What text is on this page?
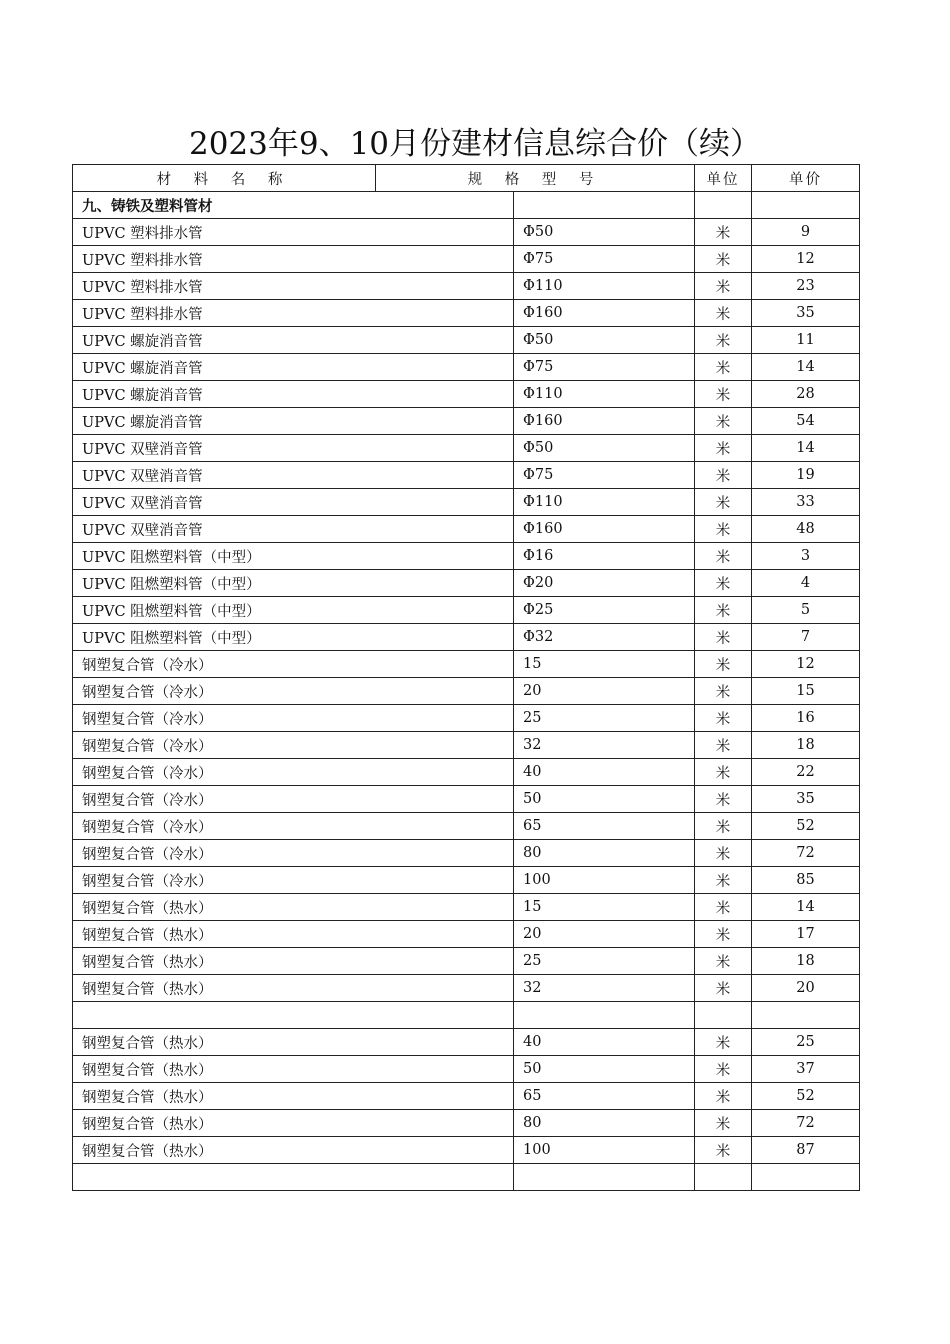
2023年9、10月份建材信息综合价（续）
材 料 名 称	规 格 型 号		单位	单价
九、铸铁及塑料管材				
UPVC 塑料排水管		Φ50	米	9
UPVC 塑料排水管		Φ75	米	12
UPVC 塑料排水管		Φ110	米	23
UPVC 塑料排水管		Φ160	米	35
UPVC 螺旋消音管		Φ50	米	11
UPVC 螺旋消音管		Φ75	米	14
UPVC 螺旋消音管		Φ110	米	28
UPVC 螺旋消音管		Φ160	米	54
UPVC 双壁消音管		Φ50	米	14
UPVC 双壁消音管		Φ75	米	19
UPVC 双壁消音管		Φ110	米	33
UPVC 双壁消音管		Φ160	米	48
UPVC 阻燃塑料管（中型）		Φ16	米	3
UPVC 阻燃塑料管（中型）		Φ20	米	4
UPVC 阻燃塑料管（中型）		Φ25	米	5
UPVC 阻燃塑料管（中型）		Φ32	米	7
钢塑复合管（冷水）		15	米	12
钢塑复合管（冷水）		20	米	15
钢塑复合管（冷水）		25	米	16
钢塑复合管（冷水）		32	米	18
钢塑复合管（冷水）		40	米	22
钢塑复合管（冷水）		50	米	35
钢塑复合管（冷水）		65	米	52
钢塑复合管（冷水）		80	米	72
钢塑复合管（冷水）		100	米	85
钢塑复合管（热水）		15	米	14
钢塑复合管（热水）		20	米	17
钢塑复合管（热水）		25	米	18
钢塑复合管（热水）		32	米	20

钢塑复合管（热水）		40	米	25
钢塑复合管（热水）		50	米	37
钢塑复合管（热水）		65	米	52
钢塑复合管（热水）		80	米	72
钢塑复合管（热水）		100	米	87
